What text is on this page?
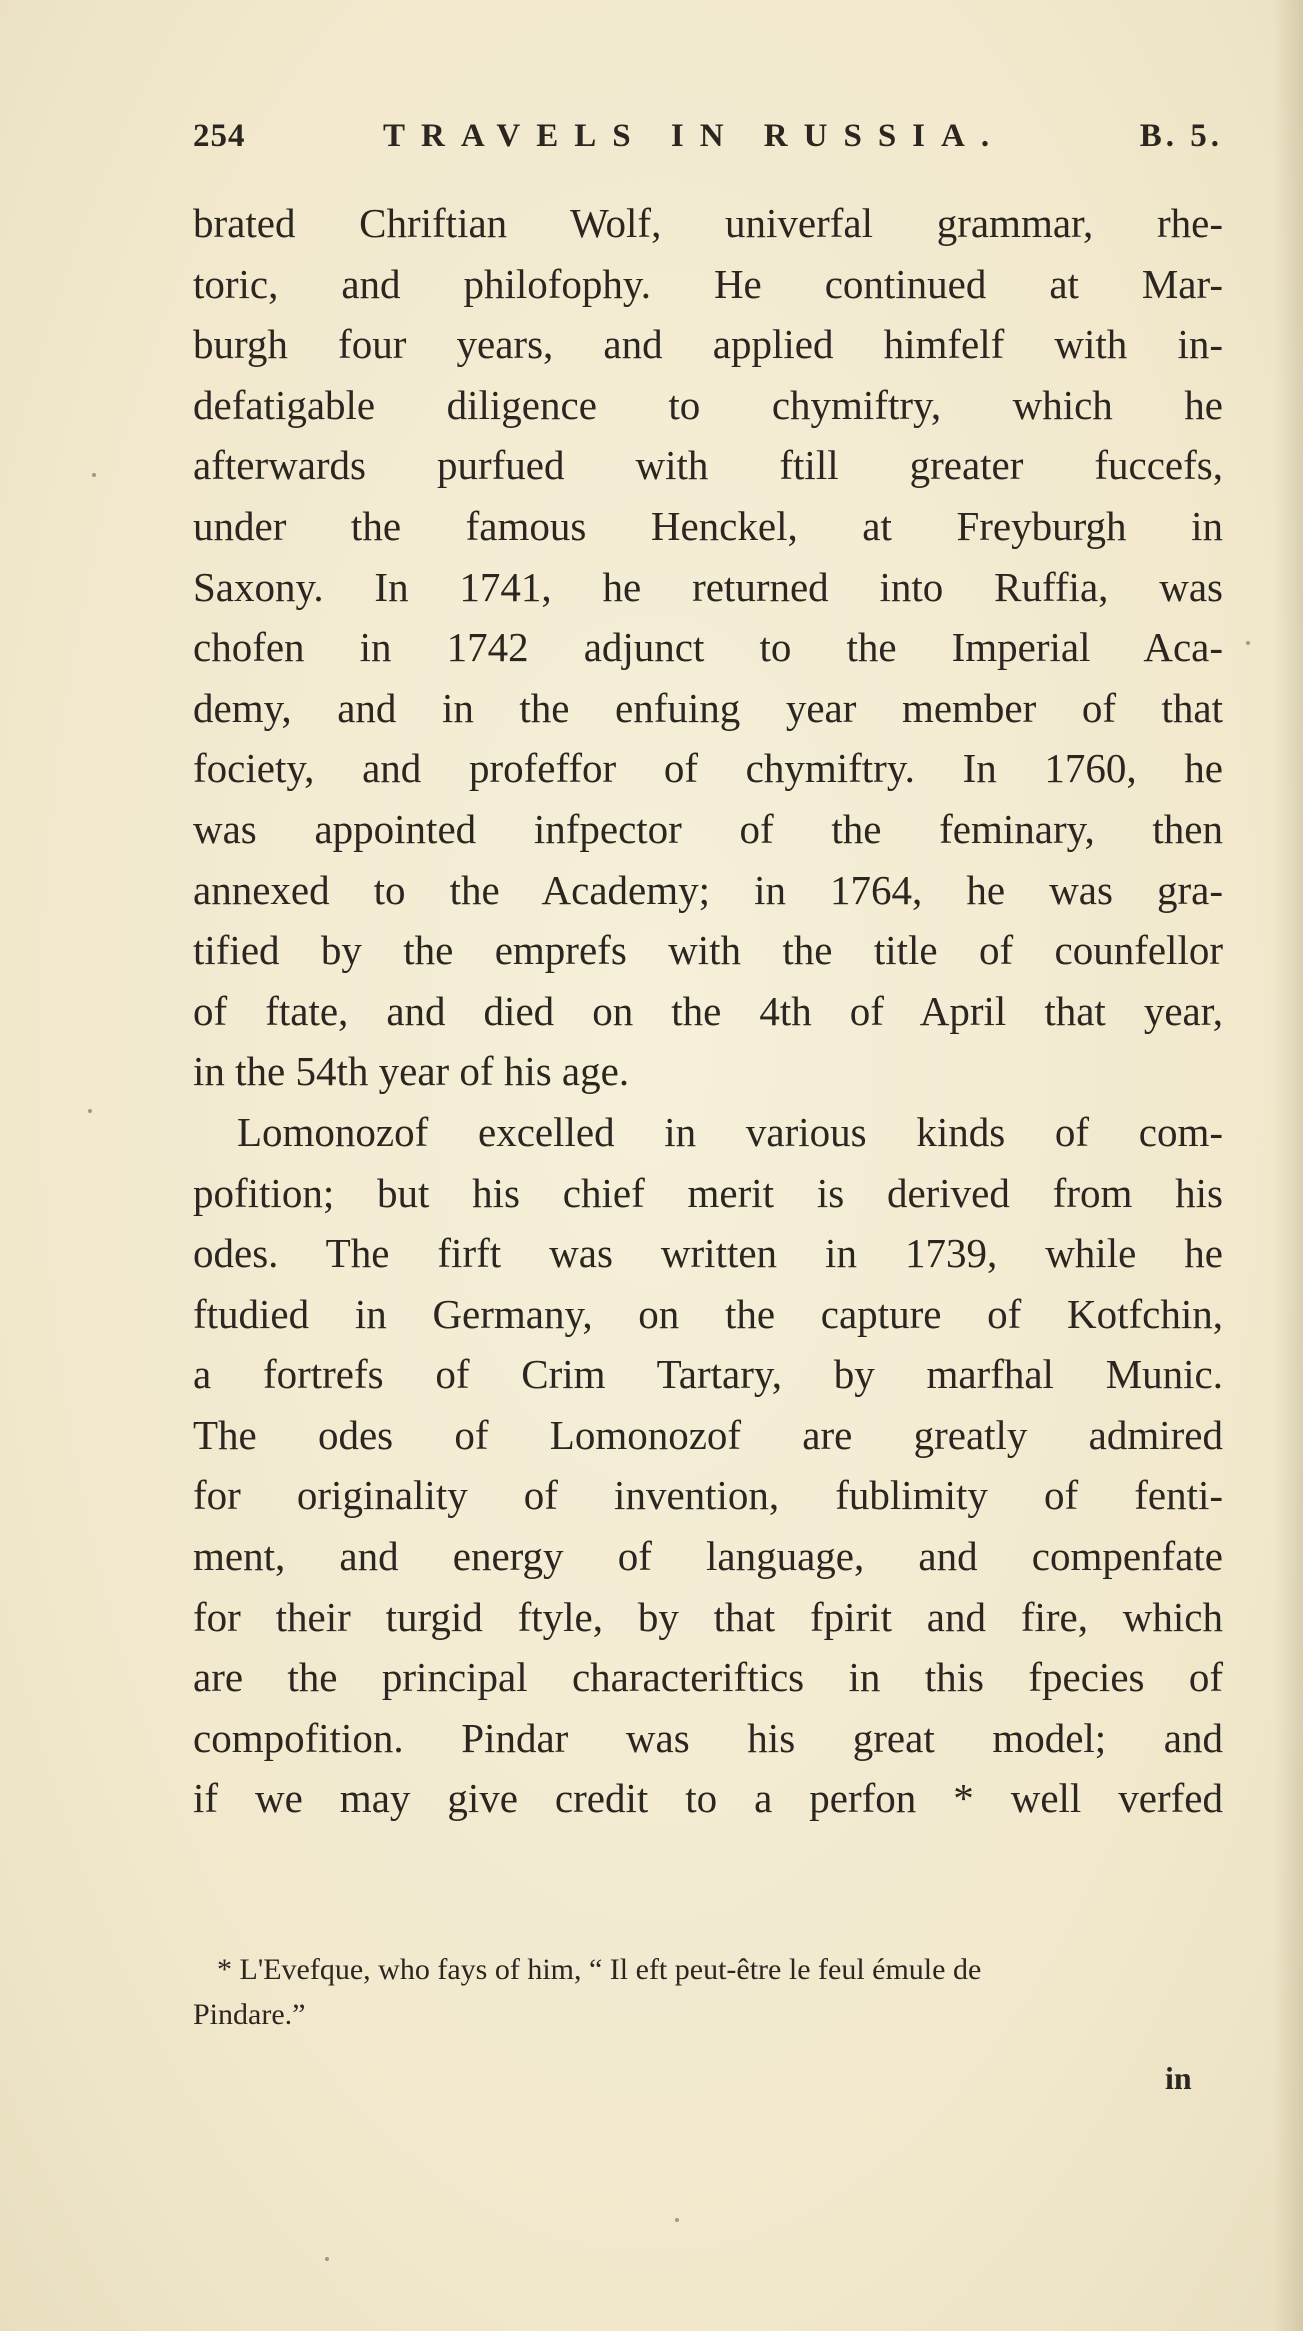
254	TRAVELS IN RUSSIA.	B. 5.
brated Chriftian Wolf, univerfal grammar, rhe-
toric, and philofophy. He continued at Mar-
burgh four years, and applied himfelf with in-
defatigable diligence to chymiftry, which he
afterwards purfued with ftill greater fuccefs,
under the famous Henckel, at Freyburgh in
Saxony. In 1741, he returned into Ruffia, was
chofen in 1742 adjunct to the Imperial Aca-
demy, and in the enfuing year member of that
fociety, and profeffor of chymiftry. In 1760, he
was appointed infpector of the feminary, then
annexed to the Academy; in 1764, he was gra-
tified by the emprefs with the title of counfellor
of ftate, and died on the 4th of April that year,
in the 54th year of his age.
Lomonozof excelled in various kinds of com-
pofition; but his chief merit is derived from his
odes. The firft was written in 1739, while he
ftudied in Germany, on the capture of Kotfchin,
a fortrefs of Crim Tartary, by marfhal Munic.
The odes of Lomonozof are greatly admired
for originality of invention, fublimity of fenti-
ment, and energy of language, and compenfate
for their turgid ftyle, by that fpirit and fire, which
are the principal characteriftics in this fpecies of
compofition. Pindar was his great model; and
if we may give credit to a perfon * well verfed
* L'Evefque, who fays of him, “ Il eft peut-être le feul émule de
Pindare.”
in
